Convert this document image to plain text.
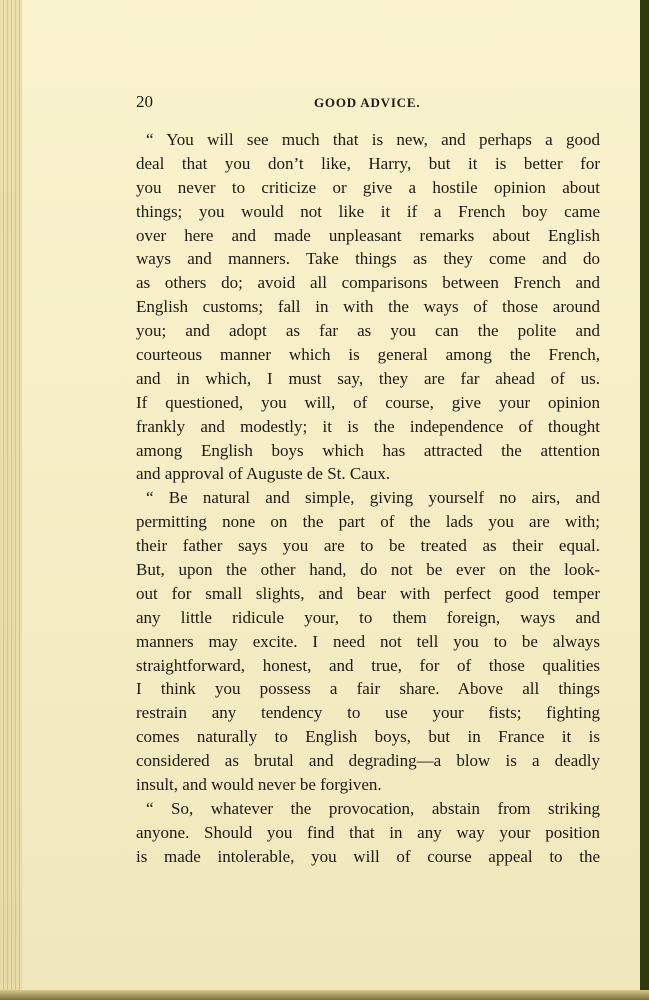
20	GOOD ADVICE.
“ You will see much that is new, and perhaps a good
deal that you don’t like, Harry, but it is better for
you never to criticize or give a hostile opinion about
things; you would not like it if a French boy came
over here and made unpleasant remarks about English
ways and manners. Take things as they come and do
as others do; avoid all comparisons between French and
English customs; fall in with the ways of those around
you; and adopt as far as you can the polite and
courteous manner which is general among the French,
and in which, I must say, they are far ahead of us.
If questioned, you will, of course, give your opinion
frankly and modestly; it is the independence of thought
among English boys which has attracted the attention
and approval of Auguste de St. Caux.
“ Be natural and simple, giving yourself no airs, and
permitting none on the part of the lads you are with;
their father says you are to be treated as their equal.
But, upon the other hand, do not be ever on the look-
out for small slights, and bear with perfect good temper
any little ridicule your, to them foreign, ways and
manners may excite. I need not tell you to be always
straightforward, honest, and true, for of those qualities
I think you possess a fair share. Above all things
restrain any tendency to use your fists; fighting
comes naturally to English boys, but in France it is
considered as brutal and degrading—a blow is a deadly
insult, and would never be forgiven.
“ So, whatever the provocation, abstain from striking
anyone. Should you find that in any way your position
is made intolerable, you will of course appeal to the
